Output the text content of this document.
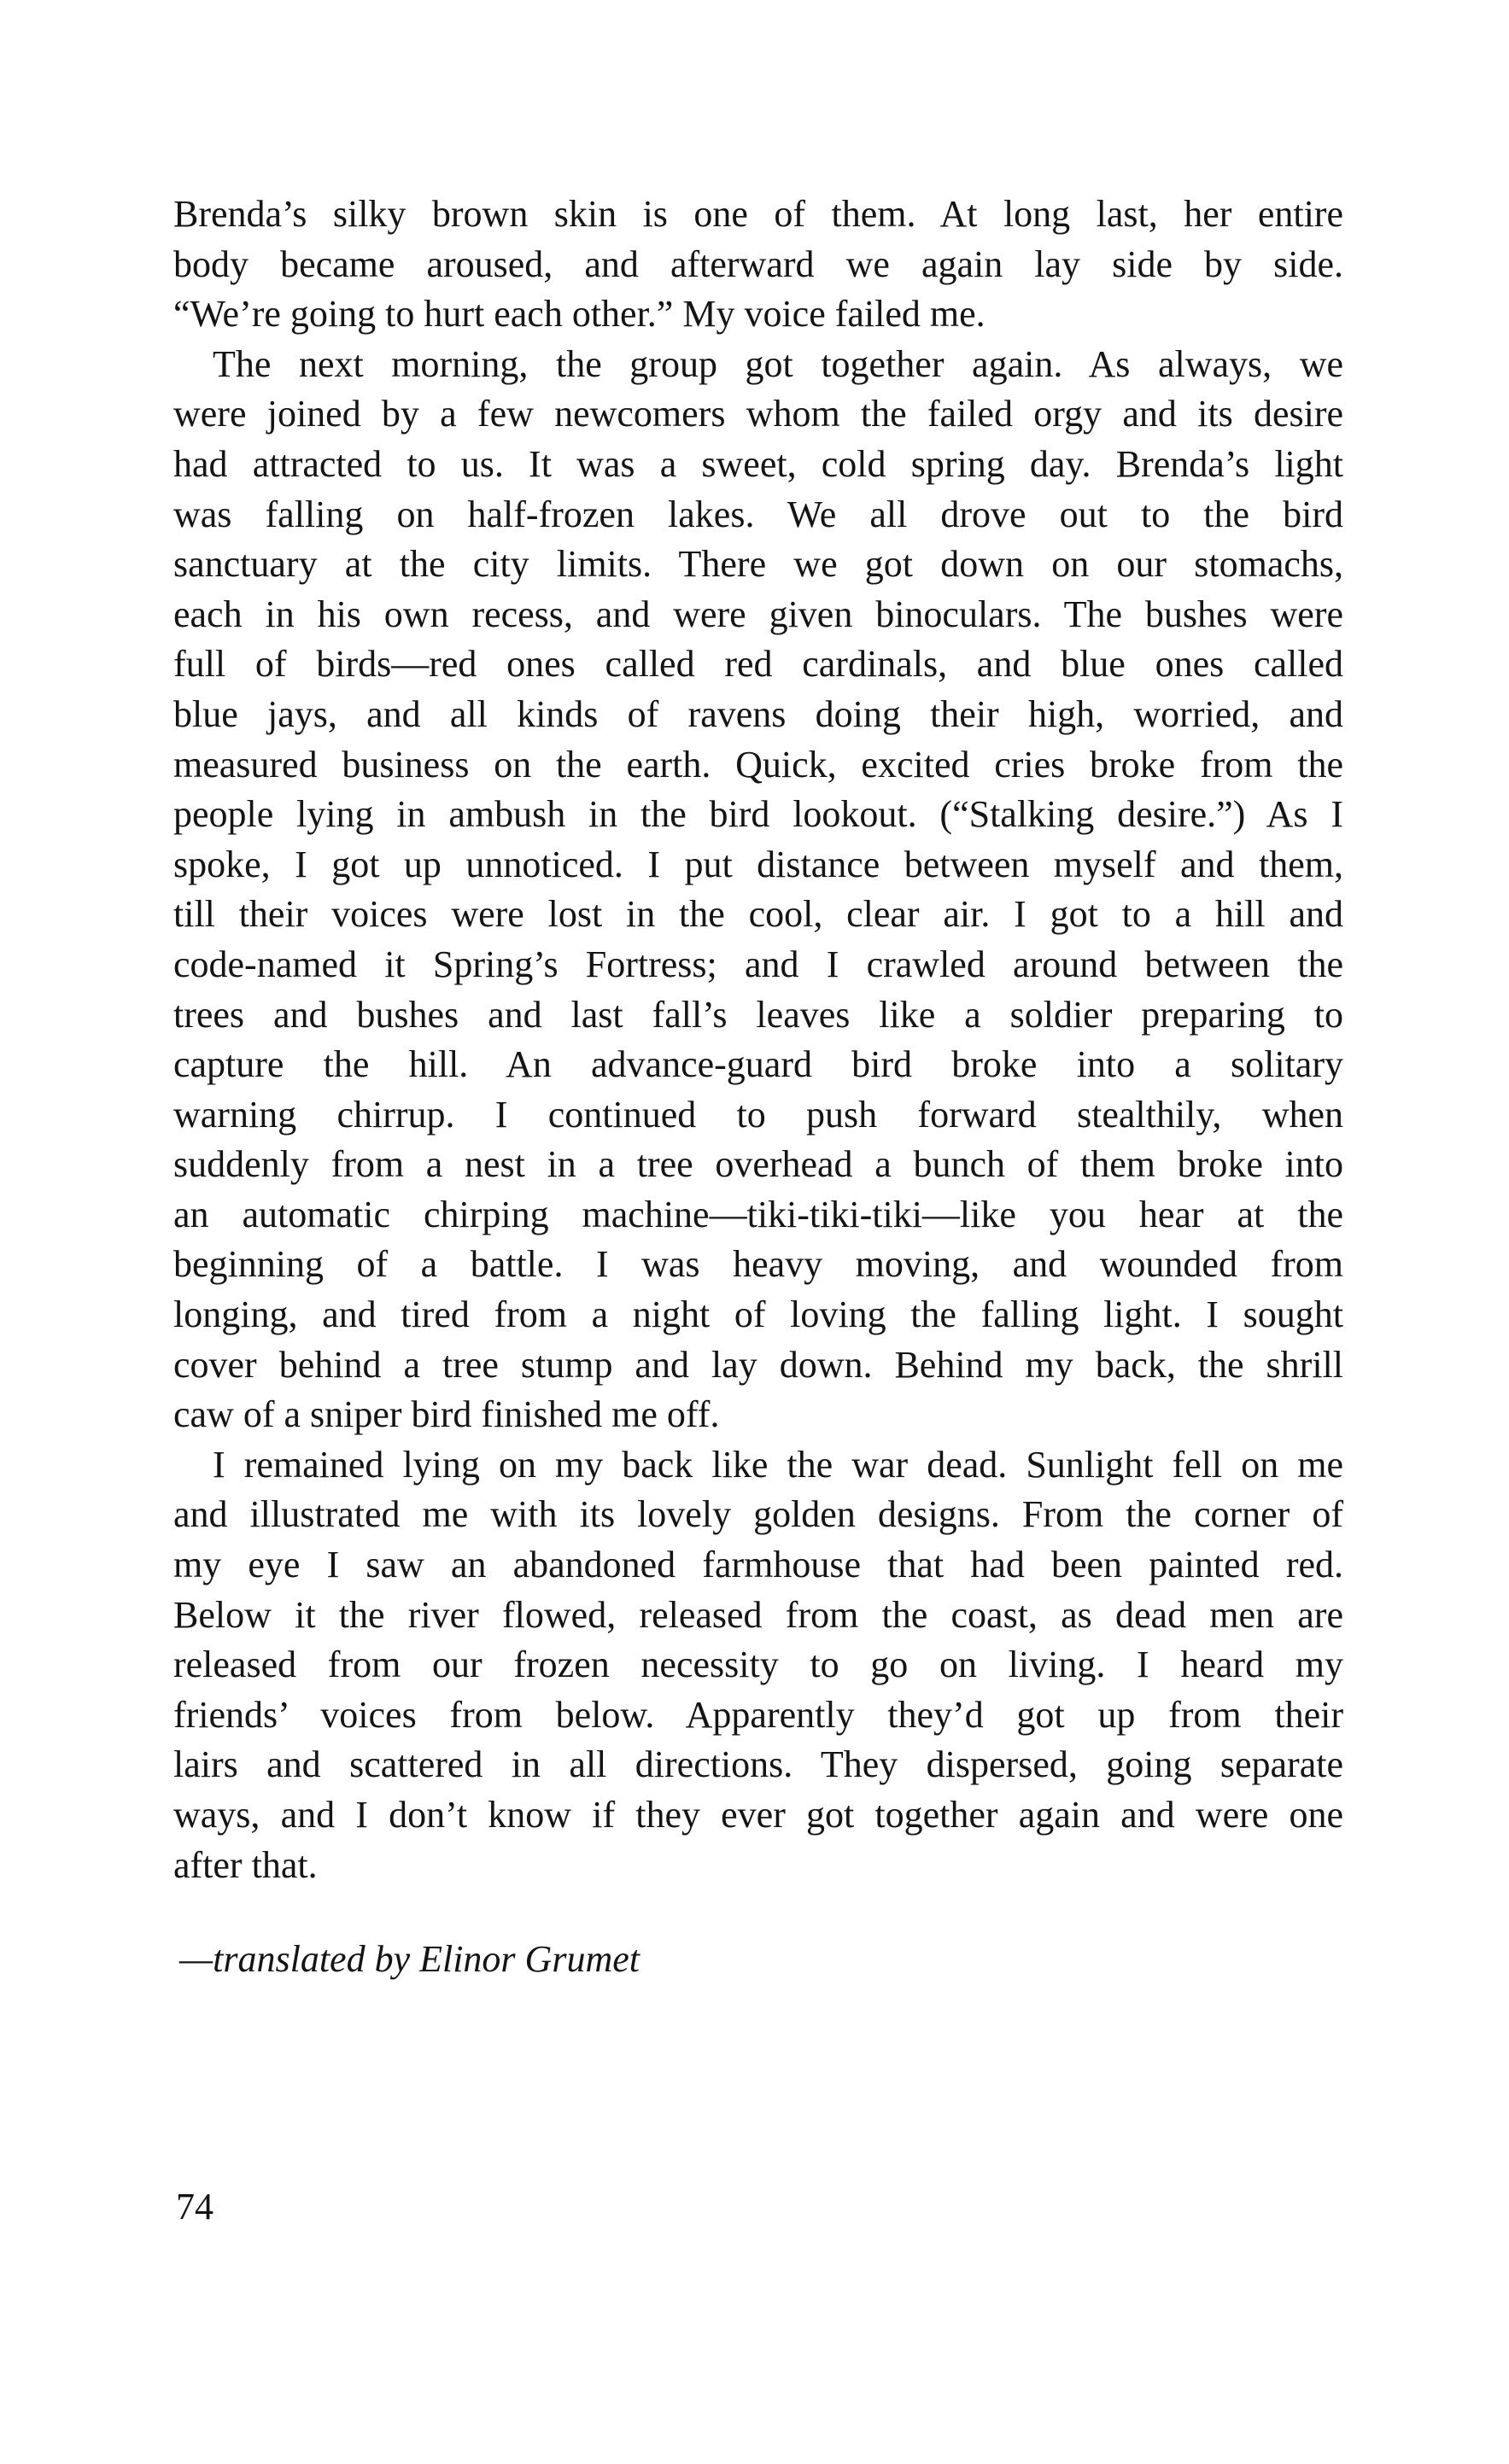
Brenda’s silky brown skin is one of them. At long last, her entire
body became aroused, and afterward we again lay side by side.
“We’re going to hurt each other.” My voice failed me.
The next morning, the group got together again. As always, we
were joined by a few newcomers whom the failed orgy and its desire
had attracted to us. It was a sweet, cold spring day. Brenda’s light
was falling on half-frozen lakes. We all drove out to the bird
sanctuary at the city limits. There we got down on our stomachs,
each in his own recess, and were given binoculars. The bushes were
full of birds—red ones called red cardinals, and blue ones called
blue jays, and all kinds of ravens doing their high, worried, and
measured business on the earth. Quick, excited cries broke from the
people lying in ambush in the bird lookout. (“Stalking desire.”) As I
spoke, I got up unnoticed. I put distance between myself and them,
till their voices were lost in the cool, clear air. I got to a hill and
code-named it Spring’s Fortress; and I crawled around between the
trees and bushes and last fall’s leaves like a soldier preparing to
capture the hill. An advance-guard bird broke into a solitary
warning chirrup. I continued to push forward stealthily, when
suddenly from a nest in a tree overhead a bunch of them broke into
an automatic chirping machine—tiki-tiki-tiki—like you hear at the
beginning of a battle. I was heavy moving, and wounded from
longing, and tired from a night of loving the falling light. I sought
cover behind a tree stump and lay down. Behind my back, the shrill
caw of a sniper bird finished me off.
I remained lying on my back like the war dead. Sunlight fell on me
and illustrated me with its lovely golden designs. From the corner of
my eye I saw an abandoned farmhouse that had been painted red.
Below it the river flowed, released from the coast, as dead men are
released from our frozen necessity to go on living. I heard my
friends’ voices from below. Apparently they’d got up from their
lairs and scattered in all directions. They dispersed, going separate
ways, and I don’t know if they ever got together again and were one
after that.
—translated by Elinor Grumet
74
